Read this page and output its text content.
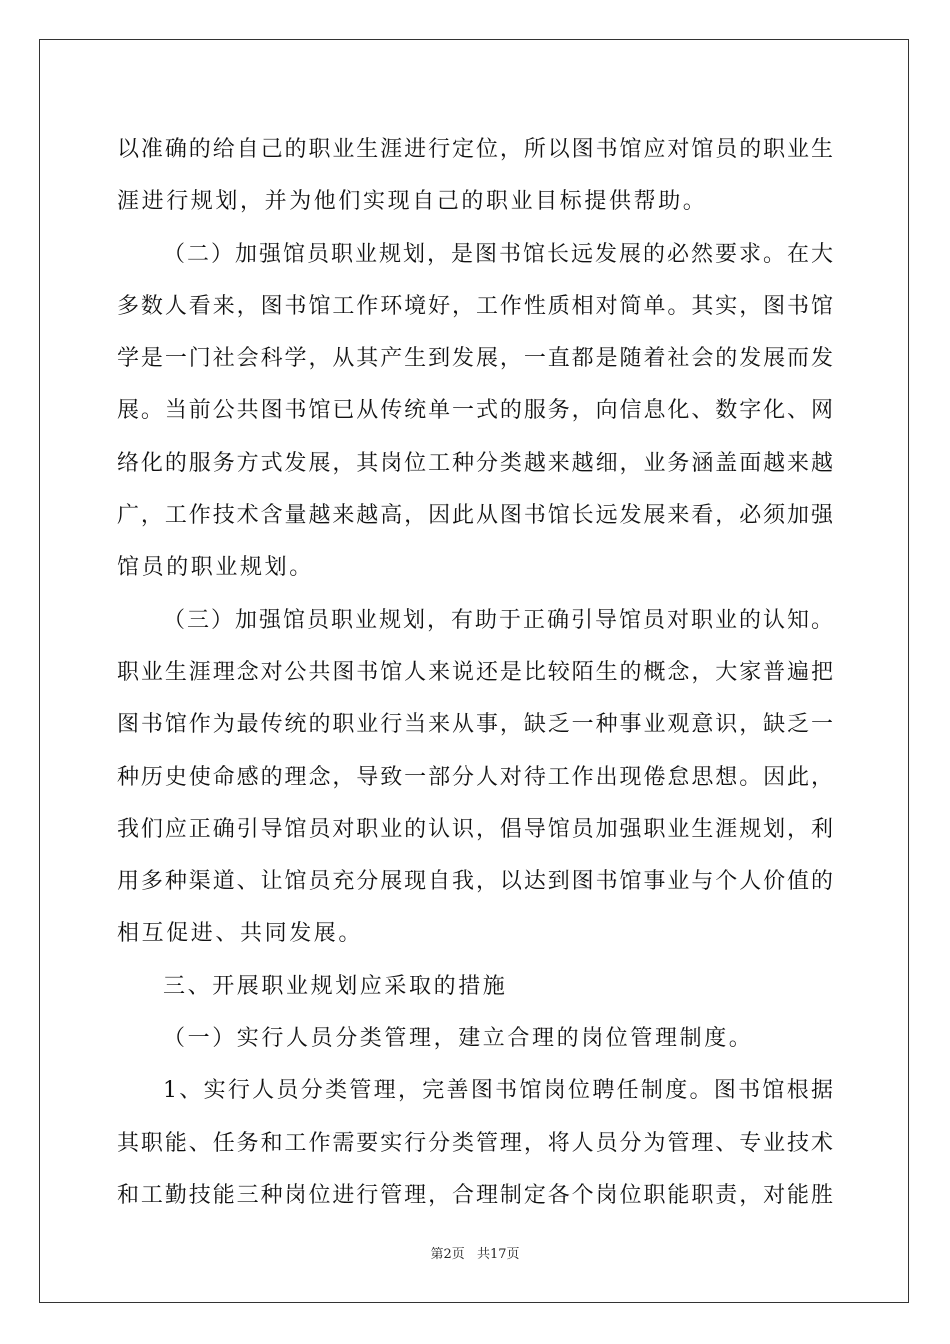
以准确的给自己的职业生涯进行定位，所以图书馆应对馆员的职业生
涯进行规划，并为他们实现自己的职业目标提供帮助。
（二）加强馆员职业规划，是图书馆长远发展的必然要求。在大
多数人看来，图书馆工作环境好，工作性质相对简单。其实，图书馆
学是一门社会科学，从其产生到发展，一直都是随着社会的发展而发
展。当前公共图书馆已从传统单一式的服务，向信息化、数字化、网
络化的服务方式发展，其岗位工种分类越来越细，业务涵盖面越来越
广，工作技术含量越来越高，因此从图书馆长远发展来看，必须加强
馆员的职业规划。
（三）加强馆员职业规划，有助于正确引导馆员对职业的认知。
职业生涯理念对公共图书馆人来说还是比较陌生的概念，大家普遍把
图书馆作为最传统的职业行当来从事，缺乏一种事业观意识，缺乏一
种历史使命感的理念，导致一部分人对待工作出现倦怠思想。因此，
我们应正确引导馆员对职业的认识，倡导馆员加强职业生涯规划，利
用多种渠道、让馆员充分展现自我，以达到图书馆事业与个人价值的
相互促进、共同发展。
三、开展职业规划应采取的措施
（一）实行人员分类管理，建立合理的岗位管理制度。
1、实行人员分类管理，完善图书馆岗位聘任制度。图书馆根据
其职能、任务和工作需要实行分类管理，将人员分为管理、专业技术
和工勤技能三种岗位进行管理，合理制定各个岗位职能职责，对能胜
第2页 共17页
